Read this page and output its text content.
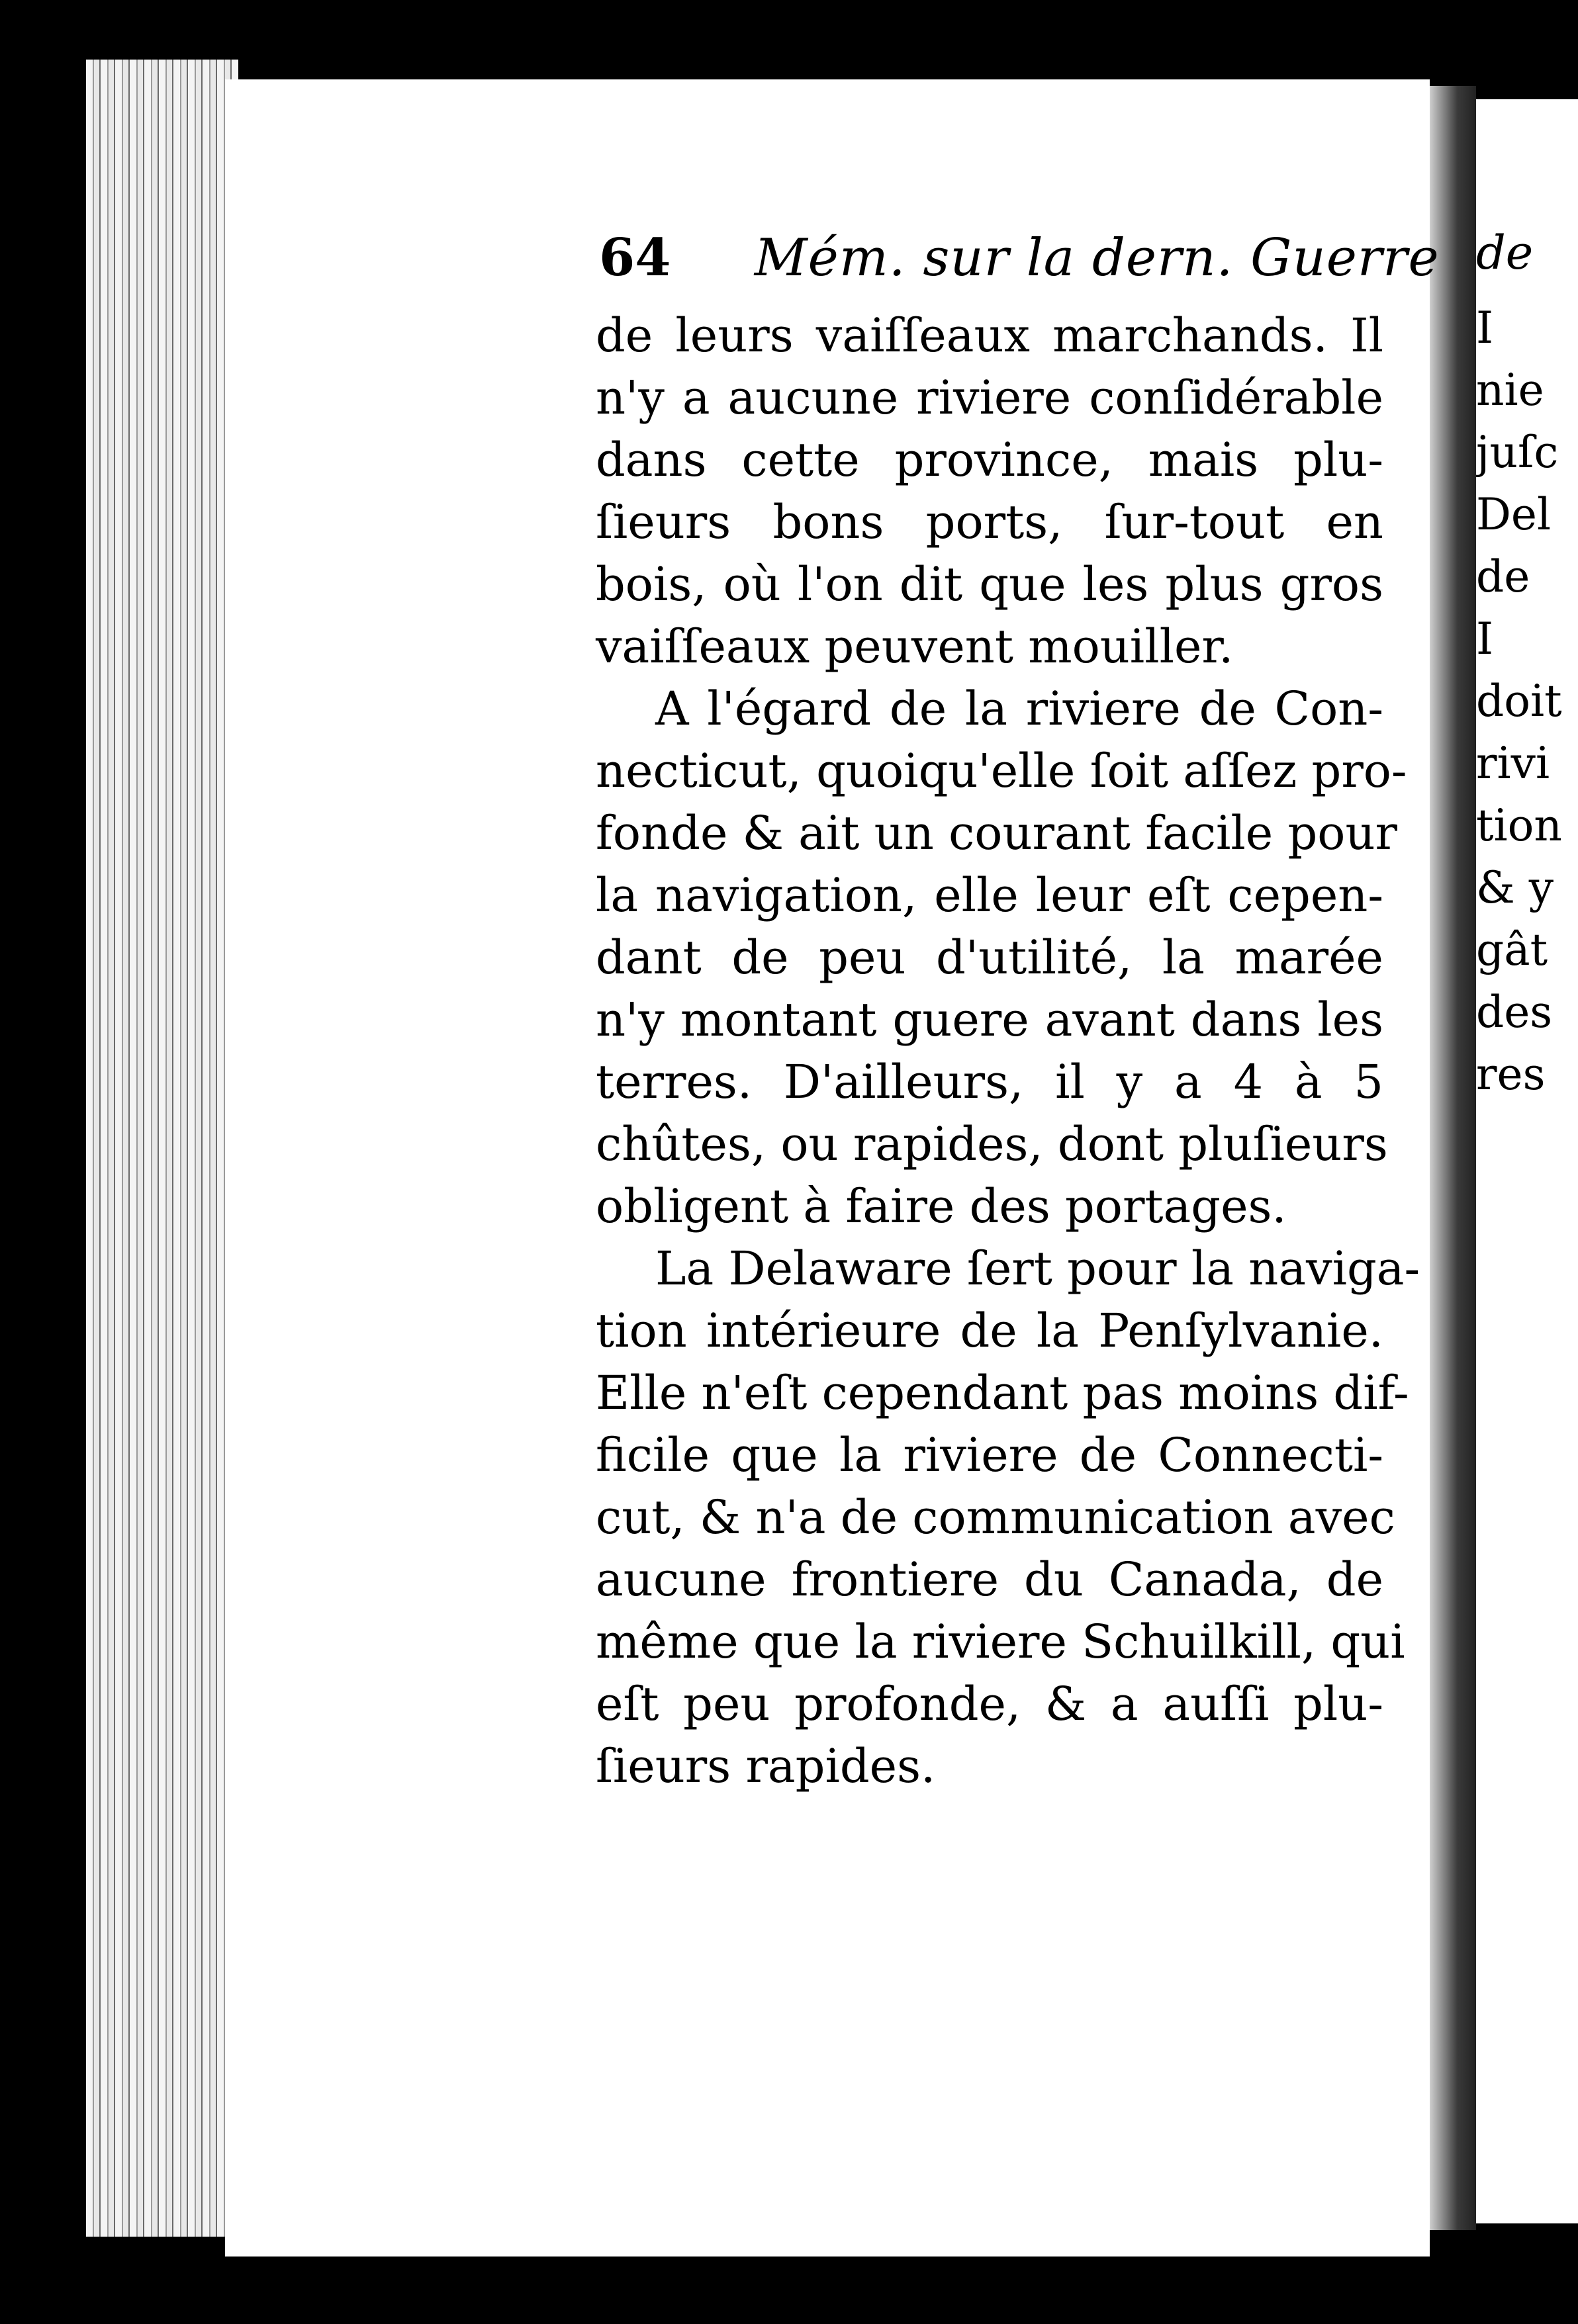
de
I
nie
juſc
Del
de
I
doit
rivi
tion
& y
gât
des
res
64 Mém. sur la dern. Guerre
de leurs vaiſſeaux marchands. Il
n'y a aucune riviere conſidérable
dans cette province, mais plu-
ſieurs bons ports, ſur-tout en
bois, où l'on dit que les plus gros
vaiſſeaux peuvent mouiller.
A l'égard de la riviere de Con-
necticut, quoiqu'elle ſoit aſſez pro-
fonde & ait un courant facile pour
la navigation, elle leur eſt cepen-
dant de peu d'utilité, la marée
n'y montant guere avant dans les
terres. D'ailleurs, il y a 4 à 5
chûtes, ou rapides, dont pluſieurs
obligent à faire des portages.
La Delaware ſert pour la naviga-
tion intérieure de la Penſylvanie.
Elle n'eſt cependant pas moins dif-
ficile que la riviere de Connecti-
cut, & n'a de communication avec
aucune frontiere du Canada, de
même que la riviere Schuilkill, qui
eſt peu profonde, & a auſſi plu-
ſieurs rapides.
